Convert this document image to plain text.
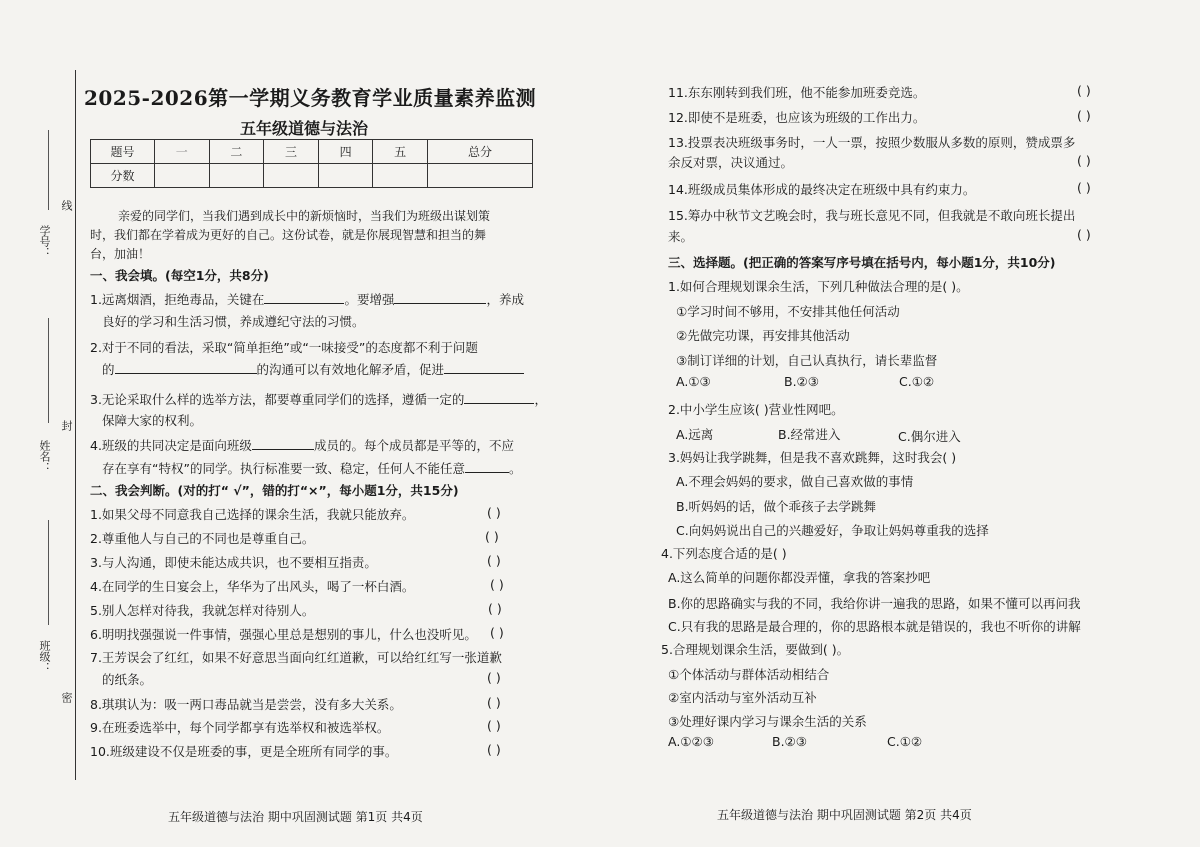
学号：
姓名：
班级：
线
封
密
2025-2026第一学期义务教育学业质量素养监测
五年级道德与法治
题号	一	二	三	四	五	总分
分数						
亲爱的同学们，当我们遇到成长中的新烦恼时，当我们为班级出谋划策
时，我们都在学着成为更好的自己。这份试卷，就是你展现智慧和担当的舞
台，加油！
一、我会填。(每空1分，共8分)
1.远离烟酒，拒绝毒品，关键在	。要增强	，养成
良好的学习和生活习惯，养成遵纪守法的习惯。
2.对于不同的看法，采取“简单拒绝”或“一味接受”的态度都不利于问题
的	的沟通可以有效地化解矛盾，促进
3.无论采取什么样的选举方法，都要尊重同学们的选择，遵循一定的	，
保障大家的权利。
4.班级的共同决定是面向班级	成员的。每个成员都是平等的，不应
存在享有“特权”的同学。执行标准要一致、稳定，任何人不能任意	。
二、我会判断。(对的打“ √”，错的打“×”，每小题1分，共15分)
1.如果父母不同意我自己选择的课余生活，我就只能放弃。	( )
2.尊重他人与自己的不同也是尊重自己。	( )
3.与人沟通，即使未能达成共识，也不要相互指责。	( )
4.在同学的生日宴会上，华华为了出风头，喝了一杯白酒。	( )
5.别人怎样对待我，我就怎样对待别人。	( )
6.明明找强强说一件事情，强强心里总是想别的事儿，什么也没听见。 ( )
7.王芳误会了红红，如果不好意思当面向红红道歉，可以给红红写一张道歉
的纸条。	( )
8.琪琪认为：吸一两口毒品就当是尝尝，没有多大关系。	( )
9.在班委选举中，每个同学都享有选举权和被选举权。	( )
10.班级建设不仅是班委的事，更是全班所有同学的事。	( )
11.东东刚转到我们班，他不能参加班委竞选。	( )
12.即使不是班委，也应该为班级的工作出力。	( )
13.投票表决班级事务时，一人一票，按照少数服从多数的原则，赞成票多
余反对票，决议通过。	( )
14.班级成员集体形成的最终决定在班级中具有约束力。	( )
15.筹办中秋节文艺晚会时，我与班长意见不同，但我就是不敢向班长提出
来。	( )
三、选择题。(把正确的答案写序号填在括号内，每小题1分，共10分)
1.如何合理规划课余生活，下列几种做法合理的是( )。
①学习时间不够用，不安排其他任何活动
②先做完功课，再安排其他活动
③制订详细的计划，自己认真执行，请长辈监督
A.①③	B.②③	C.①②
2.中小学生应该( )营业性网吧。
A.远离	B.经常进入	C.偶尔进入
3.妈妈让我学跳舞，但是我不喜欢跳舞，这时我会( )
A.不理会妈妈的要求，做自己喜欢做的事情
B.听妈妈的话，做个乖孩子去学跳舞
C.向妈妈说出自己的兴趣爱好，争取让妈妈尊重我的选择
4.下列态度合适的是( )
A.这么简单的问题你都没弄懂，拿我的答案抄吧
B.你的思路确实与我的不同，我给你讲一遍我的思路，如果不懂可以再问我
C.只有我的思路是最合理的，你的思路根本就是错误的，我也不听你的讲解
5.合理规划课余生活，要做到( )。
①个体活动与群体活动相结合
②室内活动与室外活动互补
③处理好课内学习与课余生活的关系
A.①②③	B.②③	C.①②
五年级道德与法治 期中巩固测试题 第1页 共4页	五年级道德与法治 期中巩固测试题 第2页 共4页
